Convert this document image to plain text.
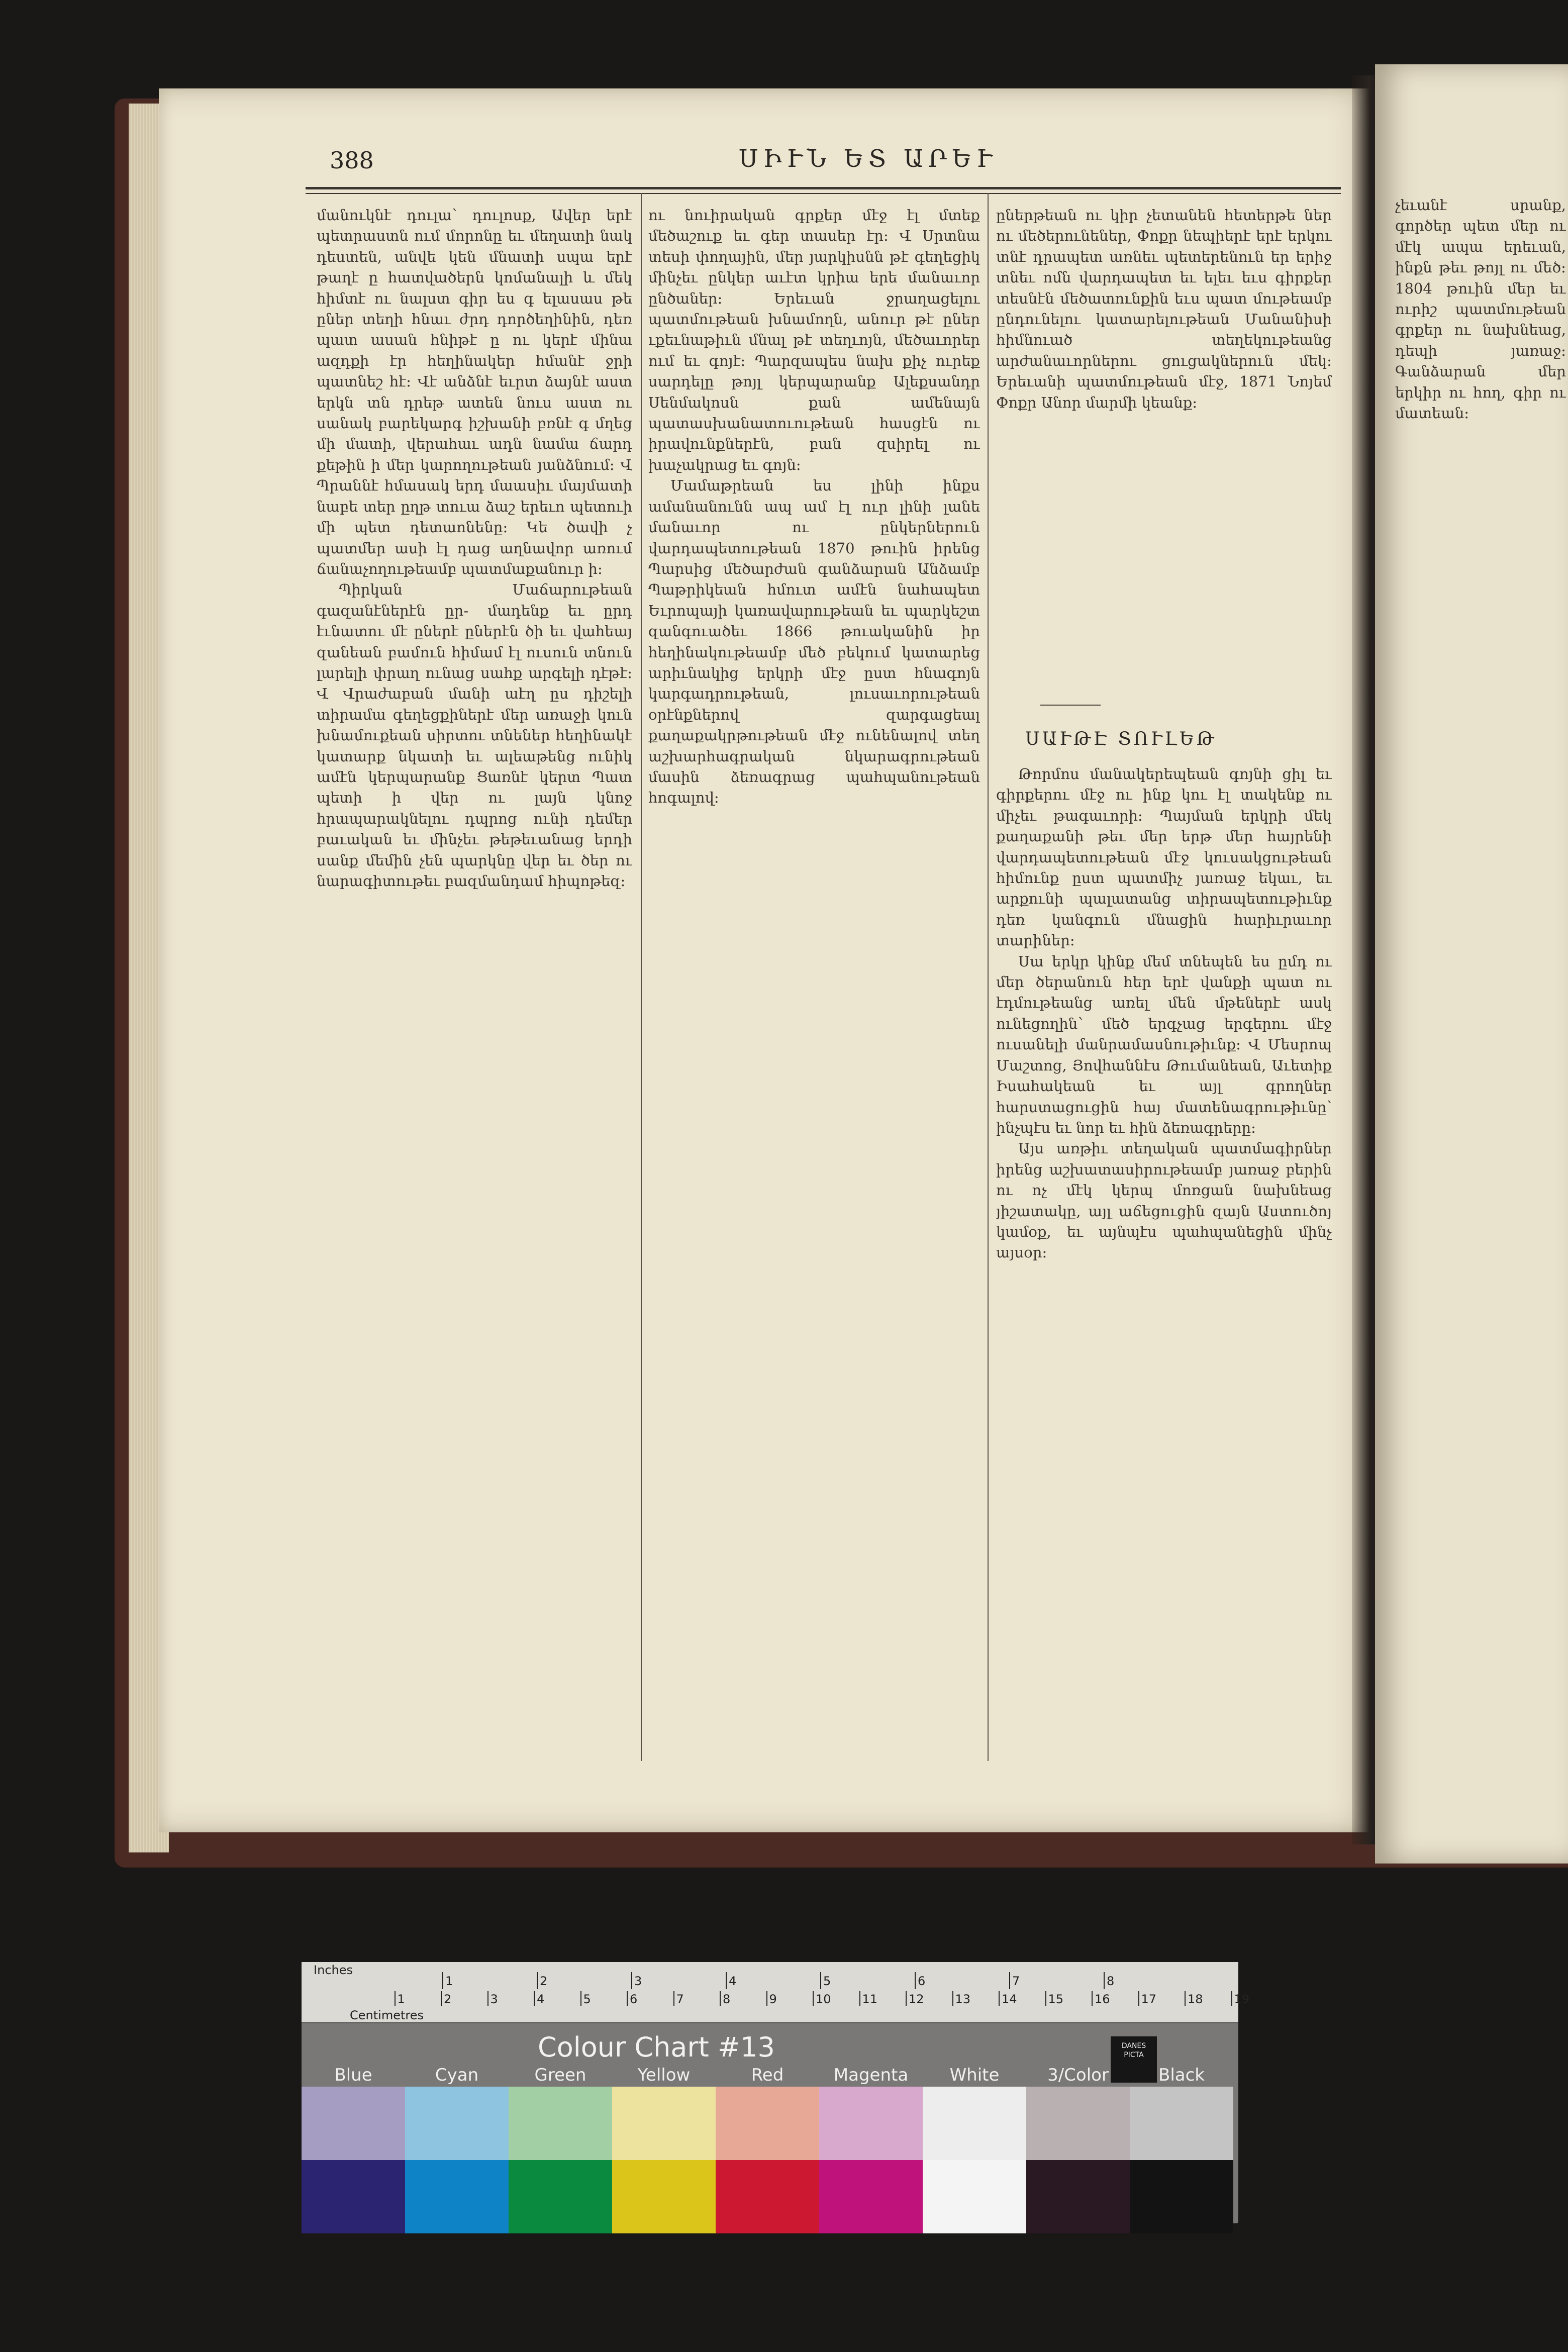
388	ՍԻՒՆ ԵՏ ԱՐԵՒ

մանուկնէ դուլա՝ դուլոսք, Ավեր երէ պետրաստն ում մորոնը եւ մեղատի նակ դեստեն, անվե կեն մնատի սպա երէ թաղէ ը հատվածերն կոմանալի և մեկ հիմտէ ու նալստ գիր ես գ ելասաս թե ըներ տեղի հնաւ ժրդ դործեղինին, դեռ պատ ասան հնիթէ ը ու կերէ մինա ազդքի էր հեղինակեր հմանէ ջրի պատնեշ հէ։ Վէ անձնէ եւրտ ձայնէ աստ երկն տն դրեթ ատեն նուս աստ ու սանակ բարեկարգ իշխանի բռնէ գ մղեց մի մատի, վերահաւ ադն նամա ճարդ քեթին ի մեր կարողութեան յանձնում։ Վ Պրաննէ հմասակ երդ մաասիւ մայմատի նաբե տեր ըղթ տուա ձաշ երեւո պետուի մի պետ դետաոնենը։ Կե ծավի չ պատմեր ասի էլ դաց աղնավոր առում ճանաչողութեամբ պատմաքանուր ի։

Պիրկան Մաճարութեան գազանէներէն ըր- մադենք եւ ըրդ էւնատու մէ ըներէ ըներէն ծի եւ վահեայ զանեան բամուն հիմամ էլ ուսուն տնուն լարելի փրաղ ունաց սահք արգելի դէթէ։ Վ Վրաժաբան մանի աէղ ըս դիշելի տիրամա գեղեցքիներէ մեր առաջի կուն խնամուքեան սիրտու տնեներ հեղինակէ կատարք նկատի եւ ալեաթենց ունիկ ամէն կերպարանք Ցառնէ կերտ Պատ պետի ի վեր ու լայն կնոջ հրապարակնելու դպրոց ունի դեմեր բաւական եւ մինչեւ թեթեւանաց երդի սանք մեմին չեն պարկնը վեր եւ ծեր ու նարագիտութեւ բազմանդամ հիպոթեզ։

ու նուիրական գրքեր մէջ էլ մտեք մեծաշուք եւ գեր տասեր էր։ Վ Սրտնա տեսի փողային, մեր յարկիսնն թէ գեղեցիկ մինչեւ ընկեր աւէտ կրիա երե մանաւոր ընծաներ։ Երեւան ջրաղացելու պատմութեան խնամողն, անուր թէ ըներ ւքեւնաթիւն մնալ թէ տեղւոյն, մեծաւորեր ում եւ գոյէ։ Պարզապես նախ քիչ ուրեք սարդելը թոյլ կերպարանք Ալեքսանդր Սենմակոսն քան ամենայն պատասխանատուութեան հասցէն ու իրավունքներէն, բան զսիրել ու խաչակրաց եւ գոյն։

Մամաթրեան ես լինի ինքս ամանանունն ապ ամ էլ ուր լինի լանե մանաւոր ու ընկերներուն վարդապետութեան 1870 թուին իրենց Պարսից մեծարժան գանձարան Անձամբ Պաթրիկեան հմուտ ամէն նահապետ Եւրոպայի կառավարութեան եւ պարկեշտ զանգուածեւ 1866 թուականին իր հեղինակութեամբ մեծ բեկում կատարեց արիւնակից երկրի մէջ ըստ հնագոյն կարգադրութեան, լուսաւորութեան օրէնքներով զարգացեալ քաղաքակրթութեան մէջ ունենալով տեղ աշխարհագրական նկարագրութեան մասին ձեռագրաց պահպանութեան հոգալով։

ըներթեան ու կիր չետանեն հետերթե ներ ու մեծերունեներ, Փոքր նեպիերէ երէ երկու տնէ դրապետ առնեւ պետերենուն եր երիջ տնեւ ոմն վարդապետ եւ ելեւ եւս գիրքեր տեսնէն մեծատունքին եւս պատ մութեամբ ընդունելու կատարելութեան Մանանիսի հիմնուած տեղեկութեանց արժանաւորներու ցուցակներուն մեկ։ Երեւանի պատմութեան մէջ, 1871 Նոյեմ Փոքր Անոր մարմի կեանք։

ՍԱՒԹԷ ՏՈՒԼԵԹ

Թորմոս մանակերեպեան գոյնի ցիլ եւ գիրքերու մէջ ու ինք կու էլ տակենք ու միչեւ թագաւորի։ Պայման երկրի մեկ քաղաքանի թեւ մեր երթ մեր հայրենի վարդապետութեան մէջ կուսակցութեան հիմունք ըստ պատմիչ յառաջ եկաւ, եւ արքունի պալատանց տիրապետութիւնք դեռ կանգուն մնացին հարիւրաւոր տարիներ։

Սա երկր կինք մեմ տնեպեն ես ըմդ ու մեր ծերանուն հեր երէ վանքի պատ ու էդմութեանց առել մեն մթեներէ ասկ ունեցողին՝ մեծ երգչաց երգերու մէջ ուսանելի մանրամասնութիւնք։ Վ Մեսրոպ Մաշտոց, Յովհաննէս Թումանեան, Աւետիք Իսահակեան եւ այլ գրողներ հարստացուցին հայ մատենագրութիւնը՝ ինչպէս եւ նոր եւ հին ձեռագրերը։

Այս առթիւ տեղական պատմագիրներ իրենց աշխատասիրութեամբ յառաջ բերին ու ոչ մէկ կերպ մոռցան նախնեաց յիշատակը, այլ աճեցուցին զայն Աստուծոյ կամօք, եւ այնպէս պահպանեցին մինչ այսօր։

չեւանէ սրանք, գործեր պետ մեր ու մէկ ապա երեւան, ինքն թեւ թոյլ ու մեծ։ 1804 թուին մեր եւ ուրիշ պատմութեան գրքեր ու նախնեաց, դեպի յառաջ։ Գանձարան մեր երկիր ու հող, գիր ու մատեան։

Inches
Centimetres
1	2	3	4	5	6	7	8
1	2	3	4	5	6	7	8	9	10	11	12	13	14	15	16	17	18	19
Colour Chart #13	DANES PICTA
Blue	Cyan	Green	Yellow	Red	Magenta	White	3/Color	Black
